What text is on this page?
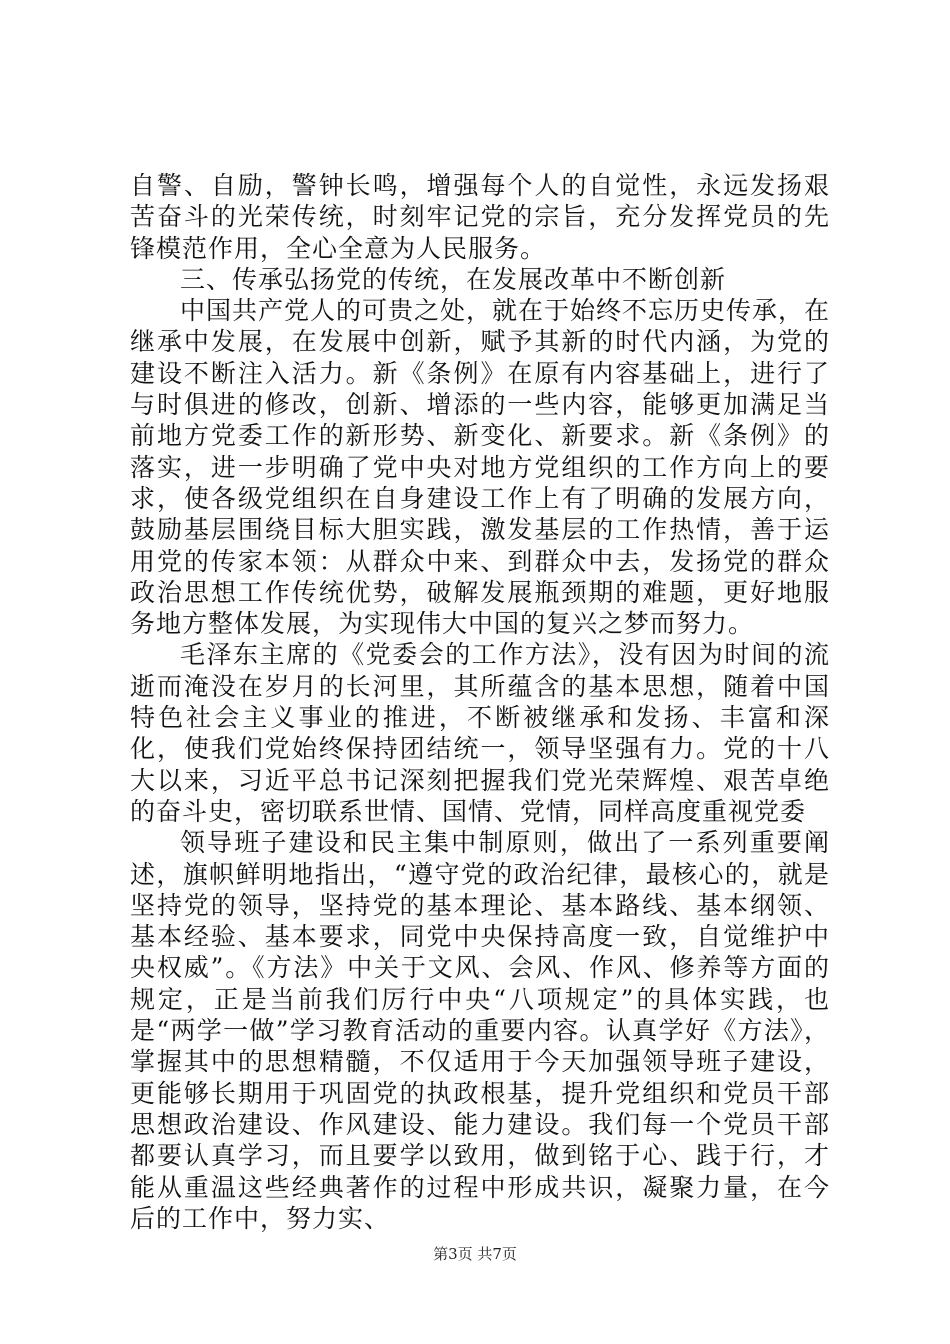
自警、自励，警钟长鸣，增强每个人的自觉性，永远发扬艰苦奋斗的光荣传统，时刻牢记党的宗旨，充分发挥党员的先锋模范作用，全心全意为人民服务。

三、传承弘扬党的传统，在发展改革中不断创新

中国共产党人的可贵之处，就在于始终不忘历史传承，在继承中发展，在发展中创新，赋予其新的时代内涵，为党的建设不断注入活力。新《条例》在原有内容基础上，进行了与时俱进的修改，创新、增添的一些内容，能够更加满足当前地方党委工作的新形势、新变化、新要求。新《条例》的落实，进一步明确了党中央对地方党组织的工作方向上的要求，使各级党组织在自身建设工作上有了明确的发展方向，鼓励基层围绕目标大胆实践，激发基层的工作热情，善于运用党的传家本领：从群众中来、到群众中去，发扬党的群众政治思想工作传统优势，破解发展瓶颈期的难题，更好地服务地方整体发展，为实现伟大中国的复兴之梦而努力。

毛泽东主席的《党委会的工作方法》，没有因为时间的流逝而淹没在岁月的长河里，其所蕴含的基本思想，随着中国特色社会主义事业的推进，不断被继承和发扬、丰富和深化，使我们党始终保持团结统一，领导坚强有力。党的十八大以来，习近平总书记深刻把握我们党光荣辉煌、艰苦卓绝的奋斗史，密切联系世情、国情、党情，同样高度重视党委

领导班子建设和民主集中制原则，做出了一系列重要阐述，旗帜鲜明地指出，“遵守党的政治纪律，最核心的，就是坚持党的领导，坚持党的基本理论、基本路线、基本纲领、基本经验、基本要求，同党中央保持高度一致，自觉维护中央权威”。《方法》中关于文风、会风、作风、修养等方面的规定，正是当前我们厉行中央“八项规定”的具体实践，也是“两学一做”学习教育活动的重要内容。认真学好《方法》，掌握其中的思想精髓，不仅适用于今天加强领导班子建设，更能够长期用于巩固党的执政根基，提升党组织和党员干部思想政治建设、作风建设、能力建设。我们每一个党员干部都要认真学习，而且要学以致用，做到铭于心、践于行，才能从重温这些经典著作的过程中形成共识，凝聚力量，在今后的工作中，努力实、

第3页 共7页
